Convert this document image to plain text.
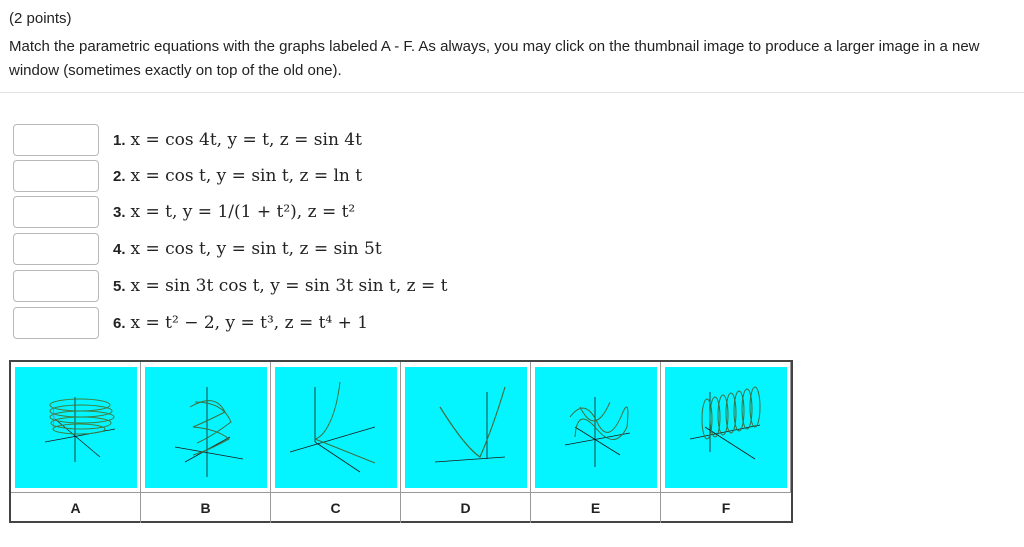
(2 points)
Match the parametric equations with the graphs labeled A - F. As always, you may click on the thumbnail image to produce a larger image in a new window (sometimes exactly on top of the old one).
1. x = cos 4t, y = t, z = sin 4t
2. x = cos t, y = sin t, z = ln t
3. x = t, y = 1/(1 + t²), z = t²
4. x = cos t, y = sin t, z = sin 5t
5. x = sin 3t cos t, y = sin 3t sin t, z = t
6. x = t² − 2, y = t³, z = t⁴ + 1
A	B	C	D	E	F
